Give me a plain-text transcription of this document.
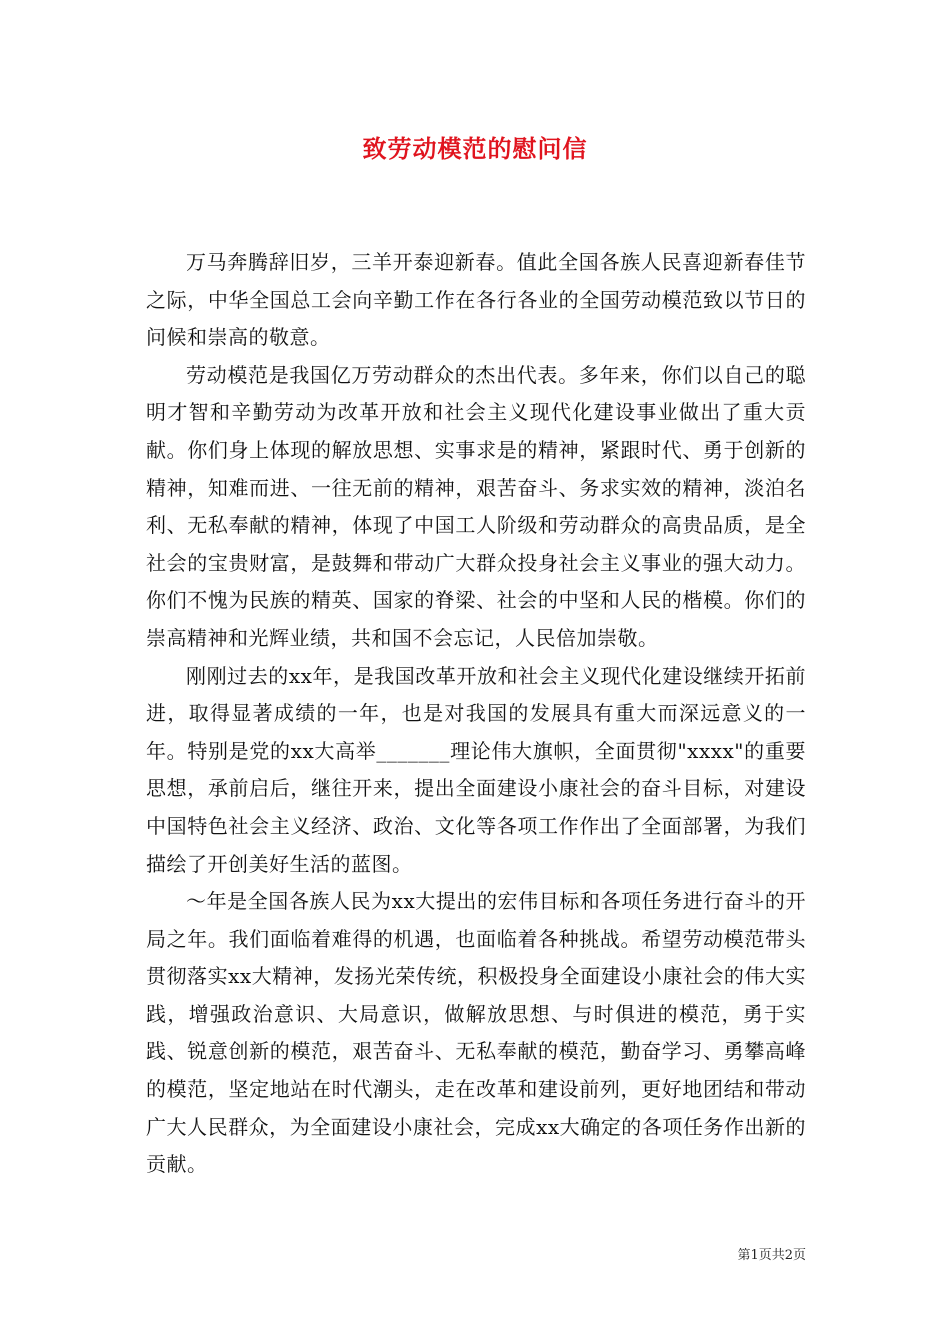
致劳动模范的慰问信

万马奔腾辞旧岁，三羊开泰迎新春。值此全国各族人民喜迎新春佳节之际，中华全国总工会向辛勤工作在各行各业的全国劳动模范致以节日的问候和崇高的敬意。

劳动模范是我国亿万劳动群众的杰出代表。多年来，你们以自己的聪明才智和辛勤劳动为改革开放和社会主义现代化建设事业做出了重大贡献。你们身上体现的解放思想、实事求是的精神，紧跟时代、勇于创新的精神，知难而进、一往无前的精神，艰苦奋斗、务求实效的精神，淡泊名利、无私奉献的精神，体现了中国工人阶级和劳动群众的高贵品质，是全社会的宝贵财富，是鼓舞和带动广大群众投身社会主义事业的强大动力。你们不愧为民族的精英、国家的脊梁、社会的中坚和人民的楷模。你们的崇高精神和光辉业绩，共和国不会忘记，人民倍加崇敬。

刚刚过去的xx年，是我国改革开放和社会主义现代化建设继续开拓前进，取得显著成绩的一年，也是对我国的发展具有重大而深远意义的一年。特别是党的xx大高举_______理论伟大旗帜，全面贯彻"xxxx"的重要思想，承前启后，继往开来，提出全面建设小康社会的奋斗目标，对建设中国特色社会主义经济、政治、文化等各项工作作出了全面部署，为我们描绘了开创美好生活的蓝图。

～年是全国各族人民为xx大提出的宏伟目标和各项任务进行奋斗的开局之年。我们面临着难得的机遇，也面临着各种挑战。希望劳动模范带头贯彻落实xx大精神，发扬光荣传统，积极投身全面建设小康社会的伟大实践，增强政治意识、大局意识，做解放思想、与时俱进的模范，勇于实践、锐意创新的模范，艰苦奋斗、无私奉献的模范，勤奋学习、勇攀高峰的模范，坚定地站在时代潮头，走在改革和建设前列，更好地团结和带动广大人民群众，为全面建设小康社会，完成xx大确定的各项任务作出新的贡献。

第1页共2页
